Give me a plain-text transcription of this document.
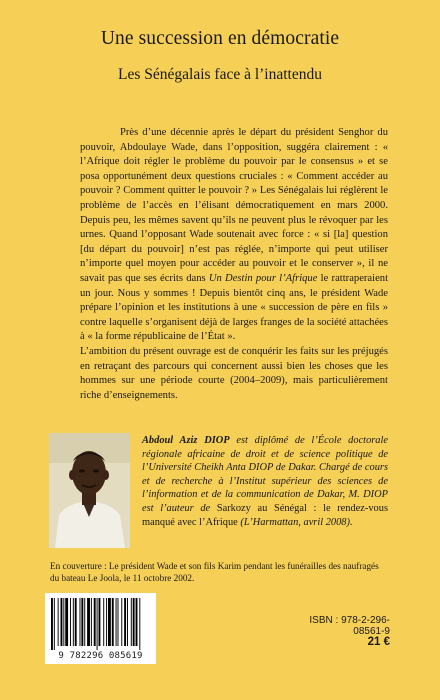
Une succession en démocratie
Les Sénégalais face à l’inattendu

Près d’une décennie après le départ du président Senghor du pouvoir, Abdoulaye Wade, dans l’opposition, suggéra clairement : « l’Afrique doit régler le problème du pouvoir par le consensus » et se posa opportunément deux questions cruciales : « Comment accéder au pouvoir ? Comment quitter le pouvoir ? » Les Sénégalais lui réglèrent le problème de l’accès en l’élisant démocratiquement en mars 2000. Depuis peu, les mêmes savent qu’ils ne peuvent plus le révoquer par les urnes. Quand l’opposant Wade soutenait avec force : « si [la] question [du départ du pouvoir] n’est pas réglée, n’importe qui peut utiliser n’importe quel moyen pour accéder au pouvoir et le conserver », il ne savait pas que ses écrits dans Un Destin pour l’Afrique le rattraperaient un jour. Nous y sommes ! Depuis bientôt cinq ans, le président Wade prépare l’opinion et les institutions à une « succession de père en fils » contre laquelle s’organisent déjà de larges franges de la société attachées à « la forme républicaine de l’État ».

L’ambition du présent ouvrage est de conquérir les faits sur les préjugés en retraçant des parcours qui concernent aussi bien les choses que les hommes sur une période courte (2004–2009), mais particulièrement riche d’enseignements.

Abdoul Aziz DIOP est diplômé de l’École doctorale régionale africaine de droit et de science politique de l’Université Cheikh Anta DIOP de Dakar. Chargé de cours et de recherche à l’Institut supérieur des sciences de l’information et de la communication de Dakar, M. DIOP est l’auteur de Sarkozy au Sénégal : le rendez-vous manqué avec l’Afrique (L’Harmattan, avril 2008).
En couverture : Le président Wade et son fils Karim pendant les funérailles des naufragés du bateau Le Joola, le 11 octobre 2002.
9 782296 085619
ISBN : 978-2-296-08561-9
21 €
